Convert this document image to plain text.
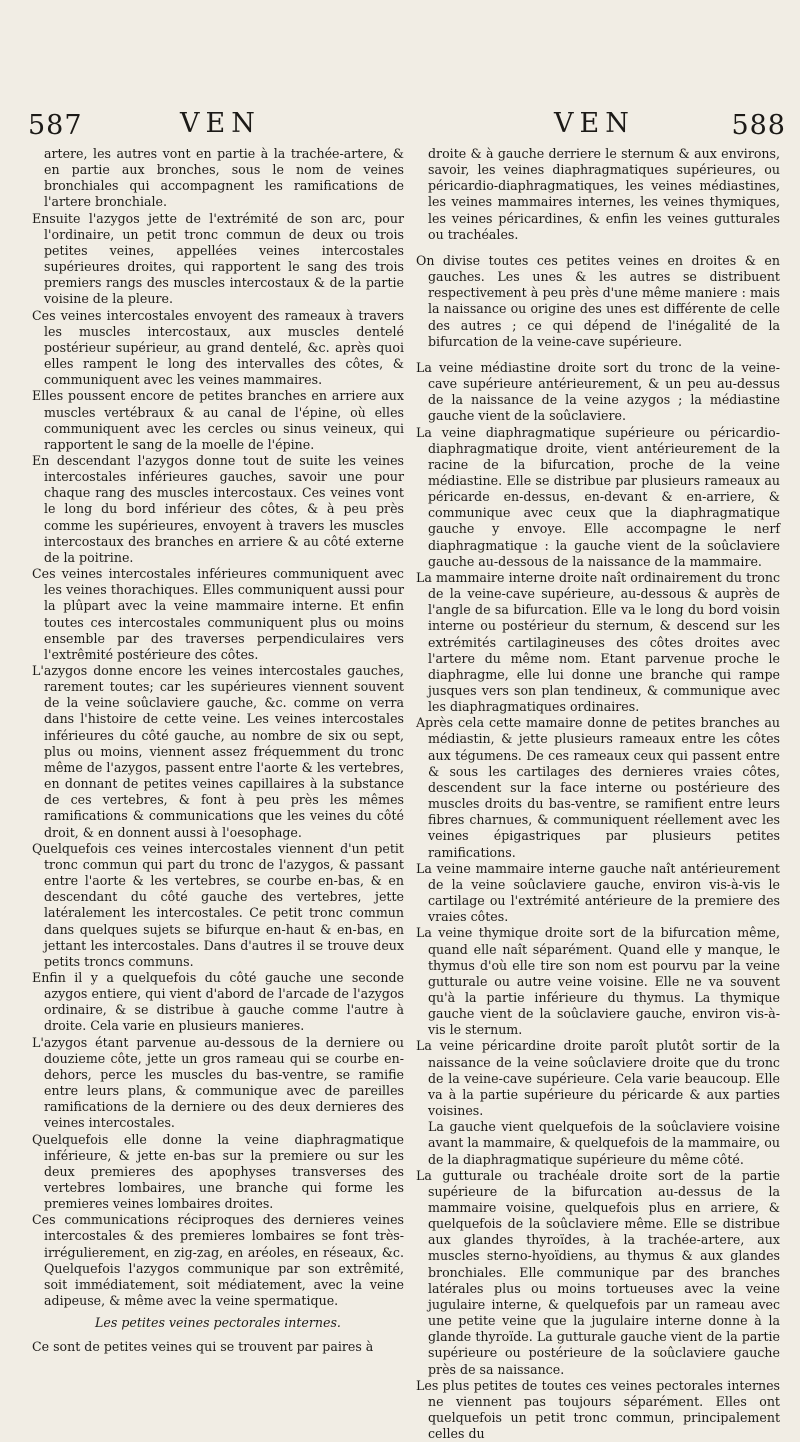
587	VEN	VEN	588

artere, les autres vont en partie à la trachée-artere, & en partie aux bronches, sous le nom de veines bronchiales qui accompagnent les ramifications de l'artere bronchiale.

Ensuite l'azygos jette de l'extrémité de son arc, pour l'ordinaire, un petit tronc commun de deux ou trois petites veines, appellées veines intercostales supérieures droites, qui rapportent le sang des trois premiers rangs des muscles intercostaux & de la partie voisine de la pleure.

Ces veines intercostales envoyent des rameaux à travers les muscles intercostaux, aux muscles dentelé postérieur supérieur, au grand dentelé, &c. après quoi elles rampent le long des intervalles des côtes, & communiquent avec les veines mammaires.

Elles poussent encore de petites branches en arriere aux muscles vertébraux & au canal de l'épine, où elles communiquent avec les cercles ou sinus veineux, qui rapportent le sang de la moelle de l'épine.

En descendant l'azygos donne tout de suite les veines intercostales inférieures gauches, savoir une pour chaque rang des muscles intercostaux. Ces veines vont le long du bord inférieur des côtes, & à peu près comme les supérieures, envoyent à travers les muscles intercostaux des branches en arriere & au côté externe de la poitrine.

Ces veines intercostales inférieures communiquent avec les veines thorachiques. Elles communiquent aussi pour la plûpart avec la veine mammaire interne. Et enfin toutes ces intercostales communiquent plus ou moins ensemble par des traverses perpendiculaires vers l'extrêmité postérieure des côtes.

L'azygos donne encore les veines intercostales gauches, rarement toutes; car les supérieures viennent souvent de la veine soûclaviere gauche, &c. comme on verra dans l'histoire de cette veine. Les veines intercostales inférieures du côté gauche, au nombre de six ou sept, plus ou moins, viennent assez fréquemment du tronc même de l'azygos, passent entre l'aorte & les vertebres, en donnant de petites veines capillaires à la substance de ces vertebres, & font à peu près les mêmes ramifications & communications que les veines du côté droit, & en donnent aussi à l'oesophage.

Quelquefois ces veines intercostales viennent d'un petit tronc commun qui part du tronc de l'azygos, & passant entre l'aorte & les vertebres, se courbe en-bas, & en descendant du côté gauche des vertebres, jette latéralement les intercostales. Ce petit tronc commun dans quelques sujets se bifurque en-haut & en-bas, en jettant les intercostales. Dans d'autres il se trouve deux petits troncs communs.

Enfin il y a quelquefois du côté gauche une seconde azygos entiere, qui vient d'abord de l'arcade de l'azygos ordinaire, & se distribue à gauche comme l'autre à droite. Cela varie en plusieurs manieres.

L'azygos étant parvenue au-dessous de la derniere ou douzieme côte, jette un gros rameau qui se courbe en-dehors, perce les muscles du bas-ventre, se ramifie entre leurs plans, & communique avec de pareilles ramifications de la derniere ou des deux dernieres des veines intercostales.

Quelquefois elle donne la veine diaphragmatique inférieure, & jette en-bas sur la premiere ou sur les deux premieres des apophyses transverses des vertebres lombaires, une branche qui forme les premieres veines lombaires droites.

Ces communications réciproques des dernieres veines intercostales & des premieres lombaires se font très-irrégulierement, en zig-zag, en aréoles, en réseaux, &c. Quelquefois l'azygos communique par son extrêmité, soit immédiatement, soit médiatement, avec la veine adipeuse, & même avec la veine spermatique.

Les petites veines pectorales internes.

Ce sont de petites veines qui se trouvent par paires à

droite & à gauche derriere le sternum & aux environs, savoir, les veines diaphragmatiques supérieures, ou péricardio-diaphragmatiques, les veines médiastines, les veines mammaires internes, les veines thymiques, les veines péricardines, & enfin les veines gutturales ou trachéales.

On divise toutes ces petites veines en droites & en gauches. Les unes & les autres se distribuent respectivement à peu près d'une même maniere : mais la naissance ou origine des unes est différente de celle des autres ; ce qui dépend de l'inégalité de la bifurcation de la veine-cave supérieure.

La veine médiastine droite sort du tronc de la veine-cave supérieure antérieurement, & un peu au-dessus de la naissance de la veine azygos ; la médiastine gauche vient de la soûclaviere.

La veine diaphragmatique supérieure ou péricardio-diaphragmatique droite, vient antérieurement de la racine de la bifurcation, proche de la veine médiastine. Elle se distribue par plusieurs rameaux au péricarde en-dessus, en-devant & en-arriere, & communique avec ceux que la diaphragmatique gauche y envoye. Elle accompagne le nerf diaphragmatique : la gauche vient de la soûclaviere gauche au-dessous de la naissance de la mammaire.

La mammaire interne droite naît ordinairement du tronc de la veine-cave supérieure, au-dessous & auprès de l'angle de sa bifurcation. Elle va le long du bord voisin interne ou postérieur du sternum, & descend sur les extrémités cartilagineuses des côtes droites avec l'artere du même nom. Etant parvenue proche le diaphragme, elle lui donne une branche qui rampe jusques vers son plan tendineux, & communique avec les diaphragmatiques ordinaires.

Après cela cette mamaire donne de petites branches au médiastin, & jette plusieurs rameaux entre les côtes aux tégumens. De ces rameaux ceux qui passent entre & sous les cartilages des dernieres vraies côtes, descendent sur la face interne ou postérieure des muscles droits du bas-ventre, se ramifient entre leurs fibres charnues, & communiquent réellement avec les veines épigastriques par plusieurs petites ramifications.

La veine mammaire interne gauche naît antérieurement de la veine soûclaviere gauche, environ vis-à-vis le cartilage ou l'extrémité antérieure de la premiere des vraies côtes.

La veine thymique droite sort de la bifurcation même, quand elle naît séparément. Quand elle y manque, le thymus d'où elle tire son nom est pourvu par la veine gutturale ou autre veine voisine. Elle ne va souvent qu'à la partie inférieure du thymus. La thymique gauche vient de la soûclaviere gauche, environ vis-à-vis le sternum.

La veine péricardine droite paroît plutôt sortir de la naissance de la veine soûclaviere droite que du tronc de la veine-cave supérieure. Cela varie beaucoup. Elle va à la partie supérieure du péricarde & aux parties voisines.

La gauche vient quelquefois de la soûclaviere voisine avant la mammaire, & quelquefois de la mammaire, ou de la diaphragmatique supérieure du même côté.

La gutturale ou trachéale droite sort de la partie supérieure de la bifurcation au-dessus de la mammaire voisine, quelquefois plus en arriere, & quelquefois de la soûclaviere même. Elle se distribue aux glandes thyroïdes, à la trachée-artere, aux muscles sterno-hyoïdiens, au thymus & aux glandes bronchiales. Elle communique par des branches latérales plus ou moins tortueuses avec la veine jugulaire interne, & quelquefois par un rameau avec une petite veine que la jugulaire interne donne à la glande thyroïde. La gutturale gauche vient de la partie supérieure ou postérieure de la soûclaviere gauche près de sa naissance.

Les plus petites de toutes ces veines pectorales internes ne viennent pas toujours séparément. Elles ont quelquefois un petit tronc commun, principalement celles du
